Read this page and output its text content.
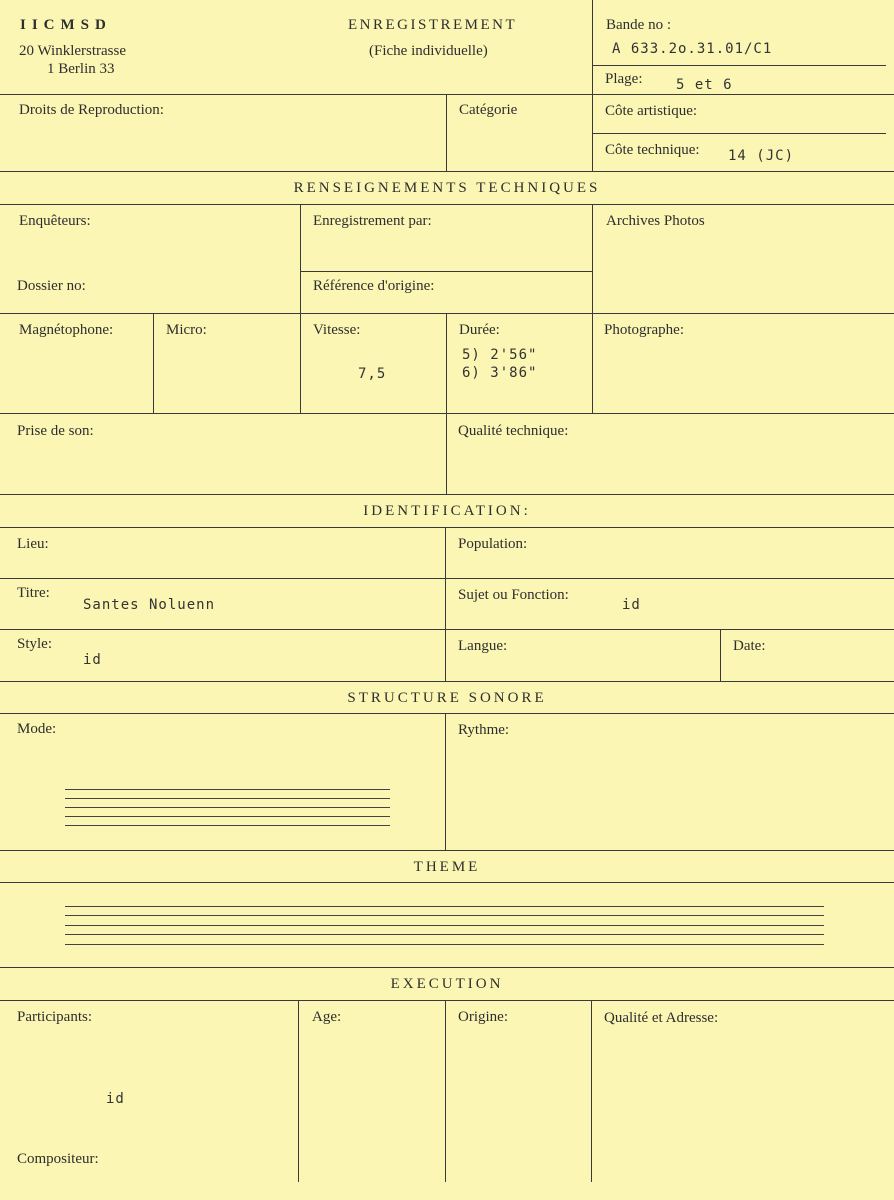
IICMSD
20 Winklerstrasse
1 Berlin 33
ENREGISTREMENT
(Fiche individuelle)
Bande no :
A 633.2o.31.01/C1
Plage: 5 et 6
Droits de Reproduction:	Catégorie	Côte artistique:
Côte technique: 14 (JC)
RENSEIGNEMENTS TECHNIQUES
Enquêteurs:	Enregistrement par:	Archives Photos
Dossier no:	Référence d'origine:
Magnétophone:	Micro:	Vitesse:
7,5
Durée:
5) 2'56"
6) 3'86"
Photographe:
Prise de son:	Qualité technique:
IDENTIFICATION:
Lieu:	Population:
Titre:
Santes Noluenn
Sujet ou Fonction:
id
Style:
id
Langue:	Date:
STRUCTURE SONORE
Mode:	Rythme:
THEME
EXECUTION
Participants:
id
Age:	Origine:	Qualité et Adresse:
Compositeur:
